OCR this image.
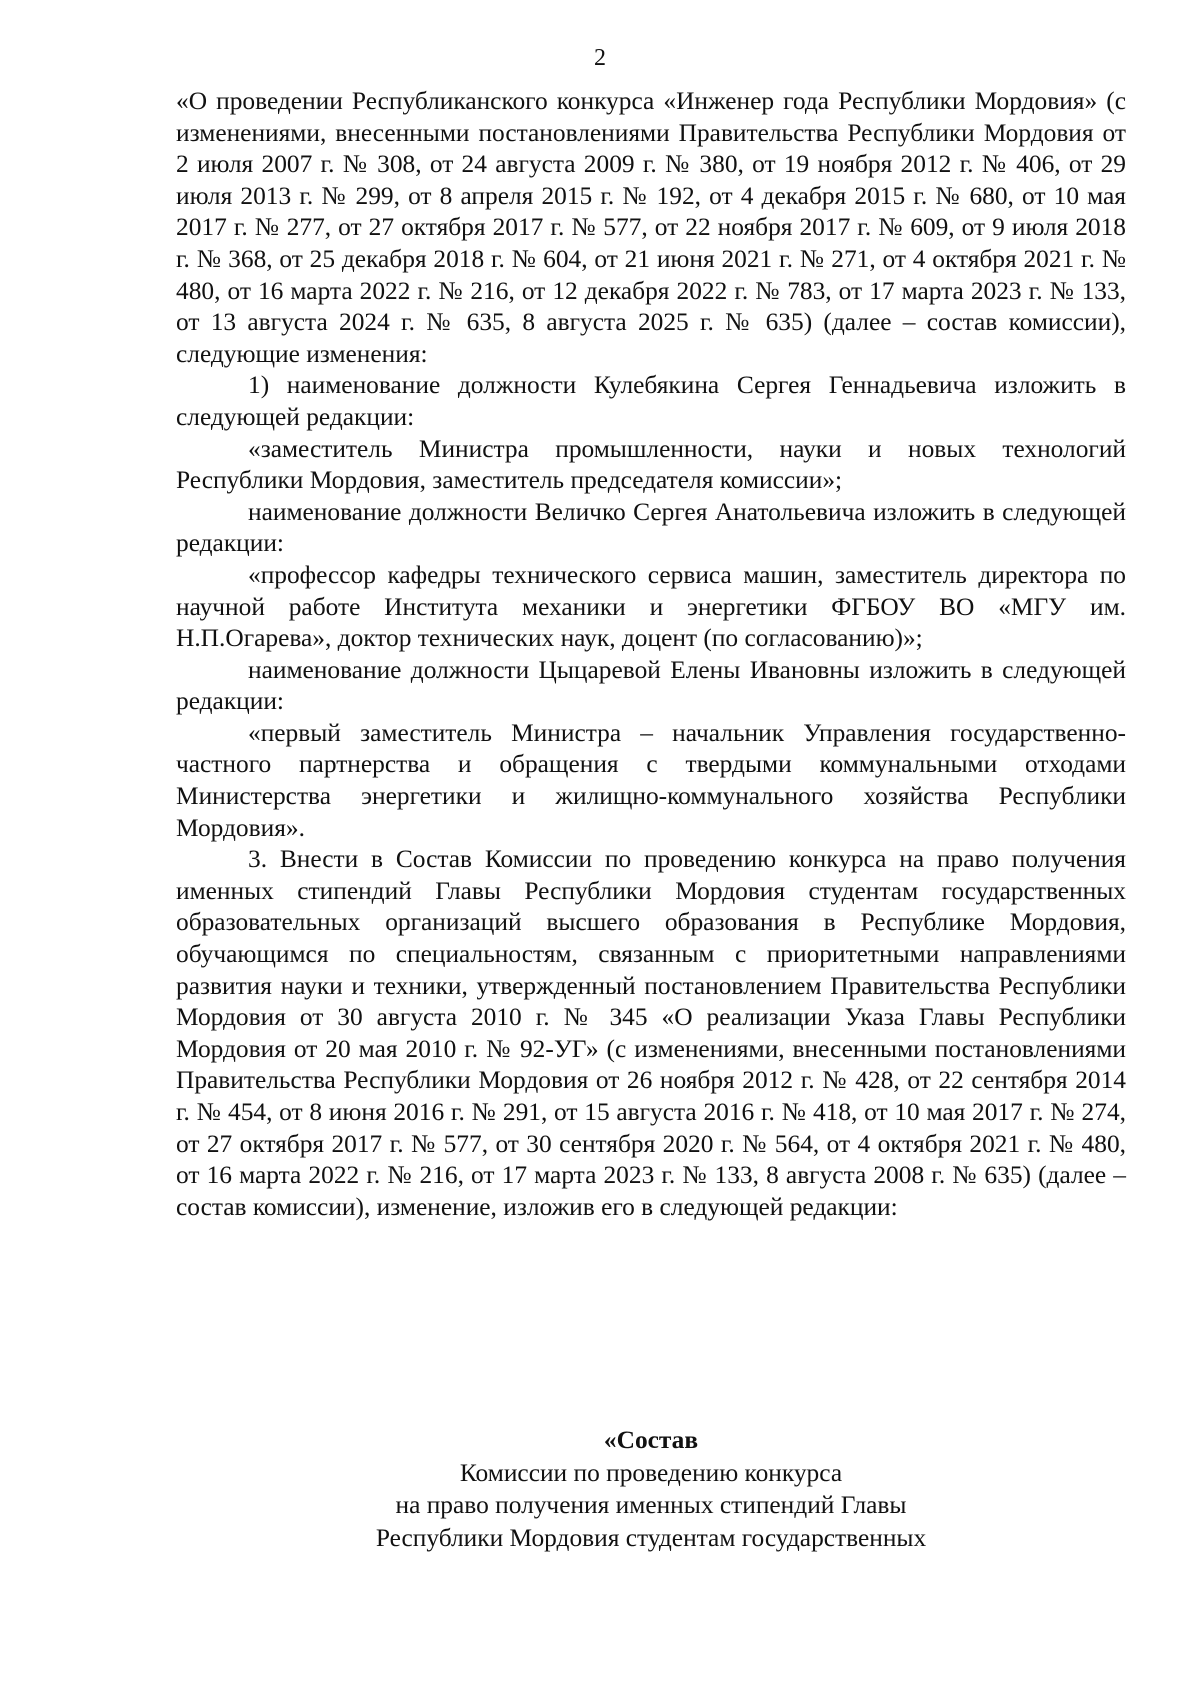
2

«О проведении Республиканского конкурса «Инженер года Республики Мордовия» (с изменениями, внесенными постановлениями Правительства Республики Мордовия от 2 июля 2007 г. № 308, от 24 августа 2009 г. № 380, от 19 ноября 2012 г. № 406, от 29 июля 2013 г. № 299, от 8 апреля 2015 г. № 192, от 4 декабря 2015 г. № 680, от 10 мая 2017 г. № 277, от 27 октября 2017 г. № 577, от 22 ноября 2017 г. № 609, от 9 июля 2018 г. № 368, от 25 декабря 2018 г. № 604, от 21 июня 2021 г. № 271, от 4 октября 2021 г. № 480, от 16 марта 2022 г. № 216, от 12 декабря 2022 г. № 783, от 17 марта 2023 г. № 133, от 13 августа 2024 г. № 635, 8 августа 2025 г. № 635) (далее – состав комиссии), следующие изменения:

1) наименование должности Кулебякина Сергея Геннадьевича изложить в следующей редакции:

«заместитель Министра промышленности, науки и новых технологий Республики Мордовия, заместитель председателя комиссии»;

наименование должности Величко Сергея Анатольевича изложить в следующей редакции:

«профессор кафедры технического сервиса машин, заместитель директора по научной работе Института механики и энергетики ФГБОУ ВО «МГУ им. Н.П.Огарева», доктор технических наук, доцент (по согласованию)»;

наименование должности Цыцаревой Елены Ивановны изложить в следующей редакции:

«первый заместитель Министра – начальник Управления государственно-частного партнерства и обращения с твердыми коммунальными отходами Министерства энергетики и жилищно-коммунального хозяйства Республики Мордовия».

3. Внести в Состав Комиссии по проведению конкурса на право получения именных стипендий Главы Республики Мордовия студентам государственных образовательных организаций высшего образования в Республике Мордовия, обучающимся по специальностям, связанным с приоритетными направлениями развития науки и техники, утвержденный постановлением Правительства Республики Мордовия от 30 августа 2010 г. № 345 «О реализации Указа Главы Республики Мордовия от 20 мая 2010 г. № 92-УГ» (с изменениями, внесенными постановлениями Правительства Республики Мордовия от 26 ноября 2012 г. № 428, от 22 сентября 2014 г. № 454, от 8 июня 2016 г. № 291, от 15 августа 2016 г. № 418, от 10 мая 2017 г. № 274, от 27 октября 2017 г. № 577, от 30 сентября 2020 г. № 564, от 4 октября 2021 г. № 480, от 16 марта 2022 г. № 216, от 17 марта 2023 г. № 133, 8 августа 2008 г. № 635) (далее – состав комиссии), изменение, изложив его в следующей редакции:

«Состав

Комиссии по проведению конкурса

на право получения именных стипендий Главы

Республики Мордовия студентам государственных
